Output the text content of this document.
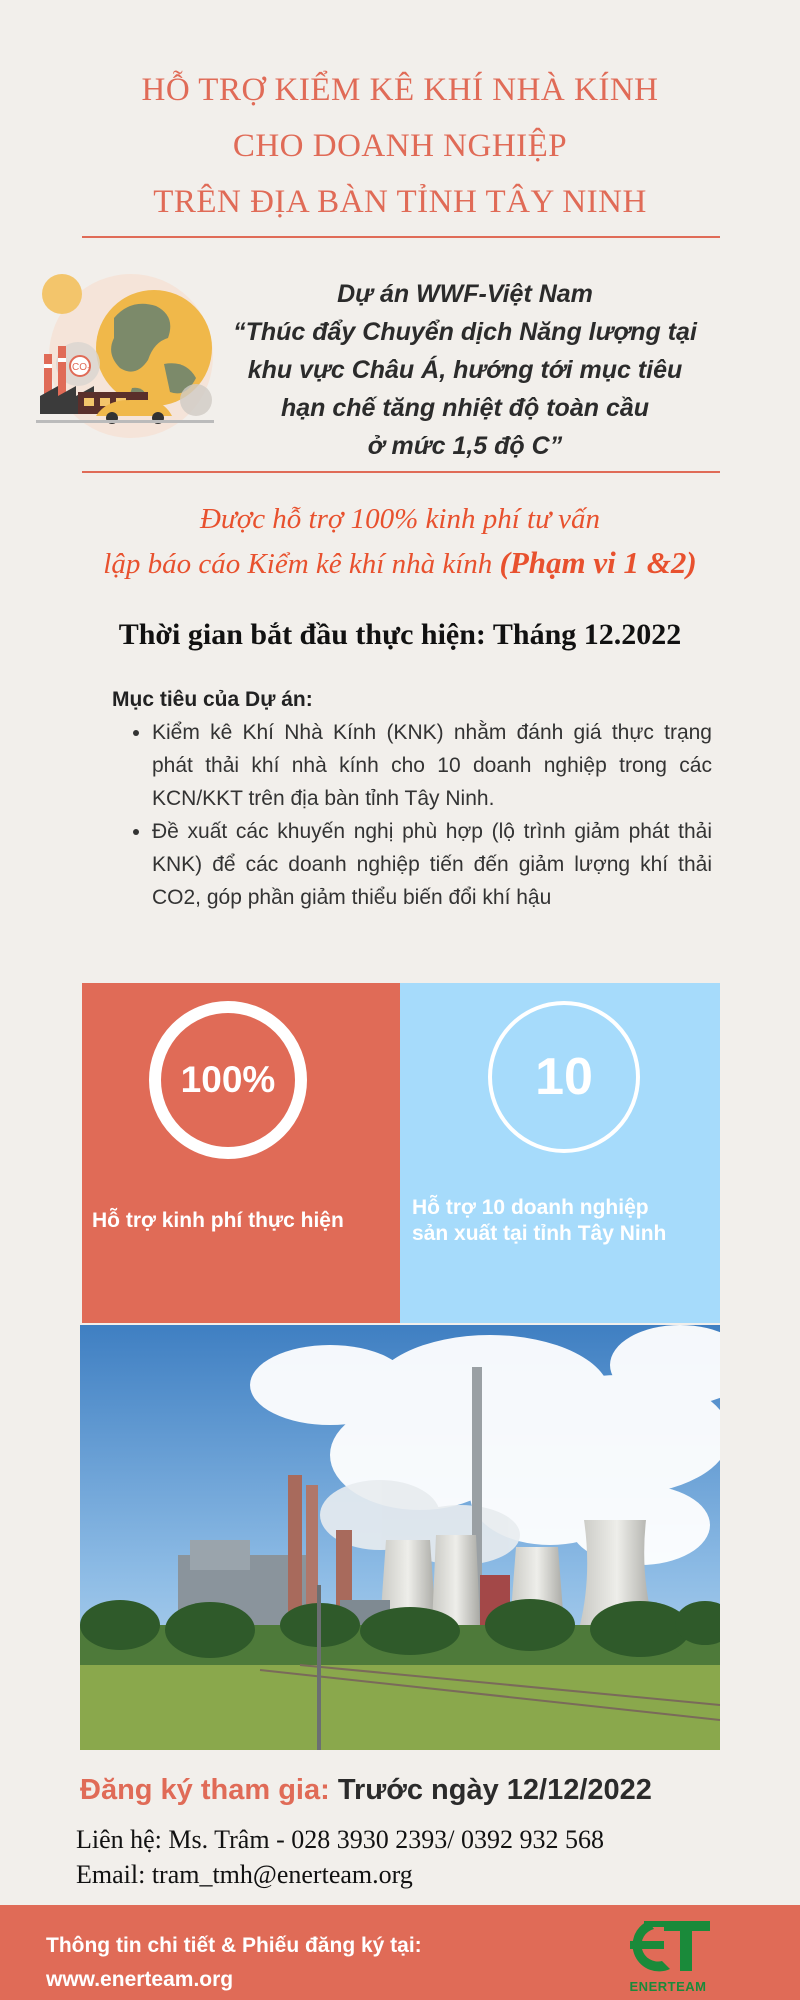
HỖ TRỢ KIỂM KÊ KHÍ NHÀ KÍNH
CHO DOANH NGHIỆP
TRÊN ĐỊA BÀN TỈNH TÂY NINH
CO₂
Dự án WWF-Việt Nam
“Thúc đẩy Chuyển dịch Năng lượng tại
khu vực Châu Á, hướng tới mục tiêu
hạn chế tăng nhiệt độ toàn cầu
ở mức 1,5 độ C”
Được hỗ trợ 100% kinh phí tư vấn
lập báo cáo Kiểm kê khí nhà kính (Phạm vi 1 &2)
Thời gian bắt đầu thực hiện: Tháng 12.2022
Mục tiêu của Dự án:
• Kiểm kê Khí Nhà Kính (KNK) nhằm đánh giá thực trạng phát thải khí nhà kính cho 10 doanh nghiệp trong các KCN/KKT trên địa bàn tỉnh Tây Ninh.
• Đề xuất các khuyến nghị phù hợp (lộ trình giảm phát thải KNK) để các doanh nghiệp tiến đến giảm lượng khí thải CO2, góp phần giảm thiểu biến đổi khí hậu
100%
Hỗ trợ kinh phí thực hiện
10
Hỗ trợ 10 doanh nghiệp
sản xuất tại tỉnh Tây Ninh
Đăng ký tham gia: Trước ngày 12/12/2022
Liên hệ: Ms. Trâm - 028 3930 2393/ 0392 932 568
Email: tram_tmh@enerteam.org
Thông tin chi tiết & Phiếu đăng ký tại:
www.enerteam.org	ENERTEAM
